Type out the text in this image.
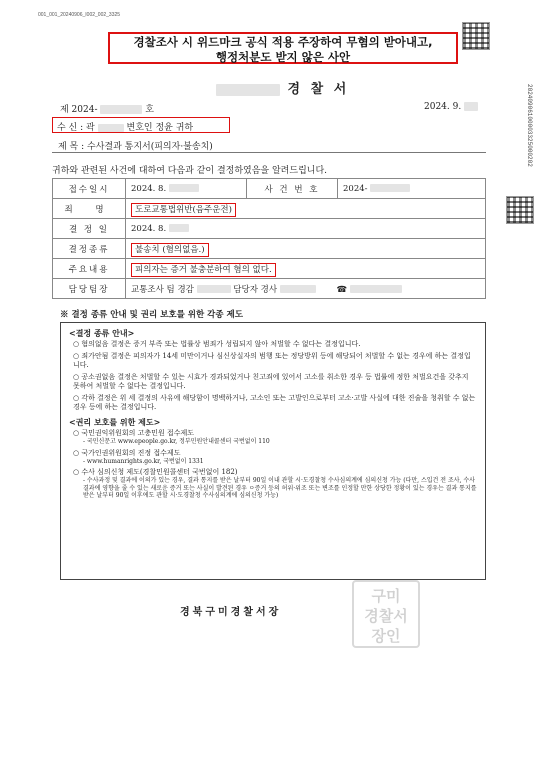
001_001_20240906_I002_002_3325
경찰조사 시 위드마크 공식 적용 주장하여 무혐의 받아내고,
행정처분도 받지 않은 사안
경 찰 서
제 2024-	호	2024. 9.
수 신 : 곽	변호인 정윤 귀하
제 목 : 수사결과 통지서(피의자·불송치)
귀하와 관련된 사건에 대하여 다음과 같이 결정하였음을 알려드립니다.
20240906100003325000202
접수일시	2024. 8.	사 건 번 호	2024-
죄 명	도로교통법위반(음주운전)		
결 정 일	2024. 8.		
결정종류	불송치 (혐의없음.)		
주요내용	피의자는 증거 불충분하여 혐의 없다.		
담당팀장	교통조사 팀 경감 담당자 경사 ☎		
※ 결정 종류 안내 및 권리 보호를 위한 각종 제도
<결정 종류 안내>

○ 혐의없음 결정은 증거 부족 또는 법률상 범죄가 성립되지 않아 처벌할 수 없다는 결정입니다.

○ 죄가안됨 결정은 피의자가 14세 미만이거나 심신상실자의 범행 또는 정당방위 등에 해당되어 처벌할 수 없는 경우에 하는 결정입니다.

○ 공소권없음 결정은 처벌할 수 있는 시효가 경과되었거나 친고죄에 있어서 고소를 취소한 경우 등 법률에 정한 처벌요건을 갖추지 못하여 처벌할 수 없다는 결정입니다.

○ 각하 결정은 위 세 결정의 사유에 해당함이 명백하거나, 고소인 또는 고발인으로부터 고소·고발 사실에 대한 진술을 청취할 수 없는 경우 등에 하는 결정입니다.

<권리 보호를 위한 제도>

○ 국민권익위원회의 고충민원 접수제도

- 국민신문고 www.epeople.go.kr, 정부민원안내콜센터 국번없이 110

○ 국가인권위원회의 진정 접수제도

- www.humanrights.go.kr, 국번없이 1331

○ 수사 심의신청 제도(경찰민원콜센터 국번없이 182)

- 수사과정 및 결과에 이의가 있는 경우, 결과 통지를 받은 날부터 90일 이내 관할 시·도경찰청 수사심의계에 심의신청 가능 (다만, 스입건 전 조사, 수사 결과에 영향을 줄 수 있는 새로운 증거 또는 사실이 발견된 경우 ㅇ증거 등의 허위·위조 또는 변조를 인정할 만한 상당한 정황이 있는 경우는 결과 통지를 받은 날부터 90일 이후에도 관할 시·도경찰청 수사심의계에 심의신청 가능)

구미
경찰서
장인
경북구미경찰서장
